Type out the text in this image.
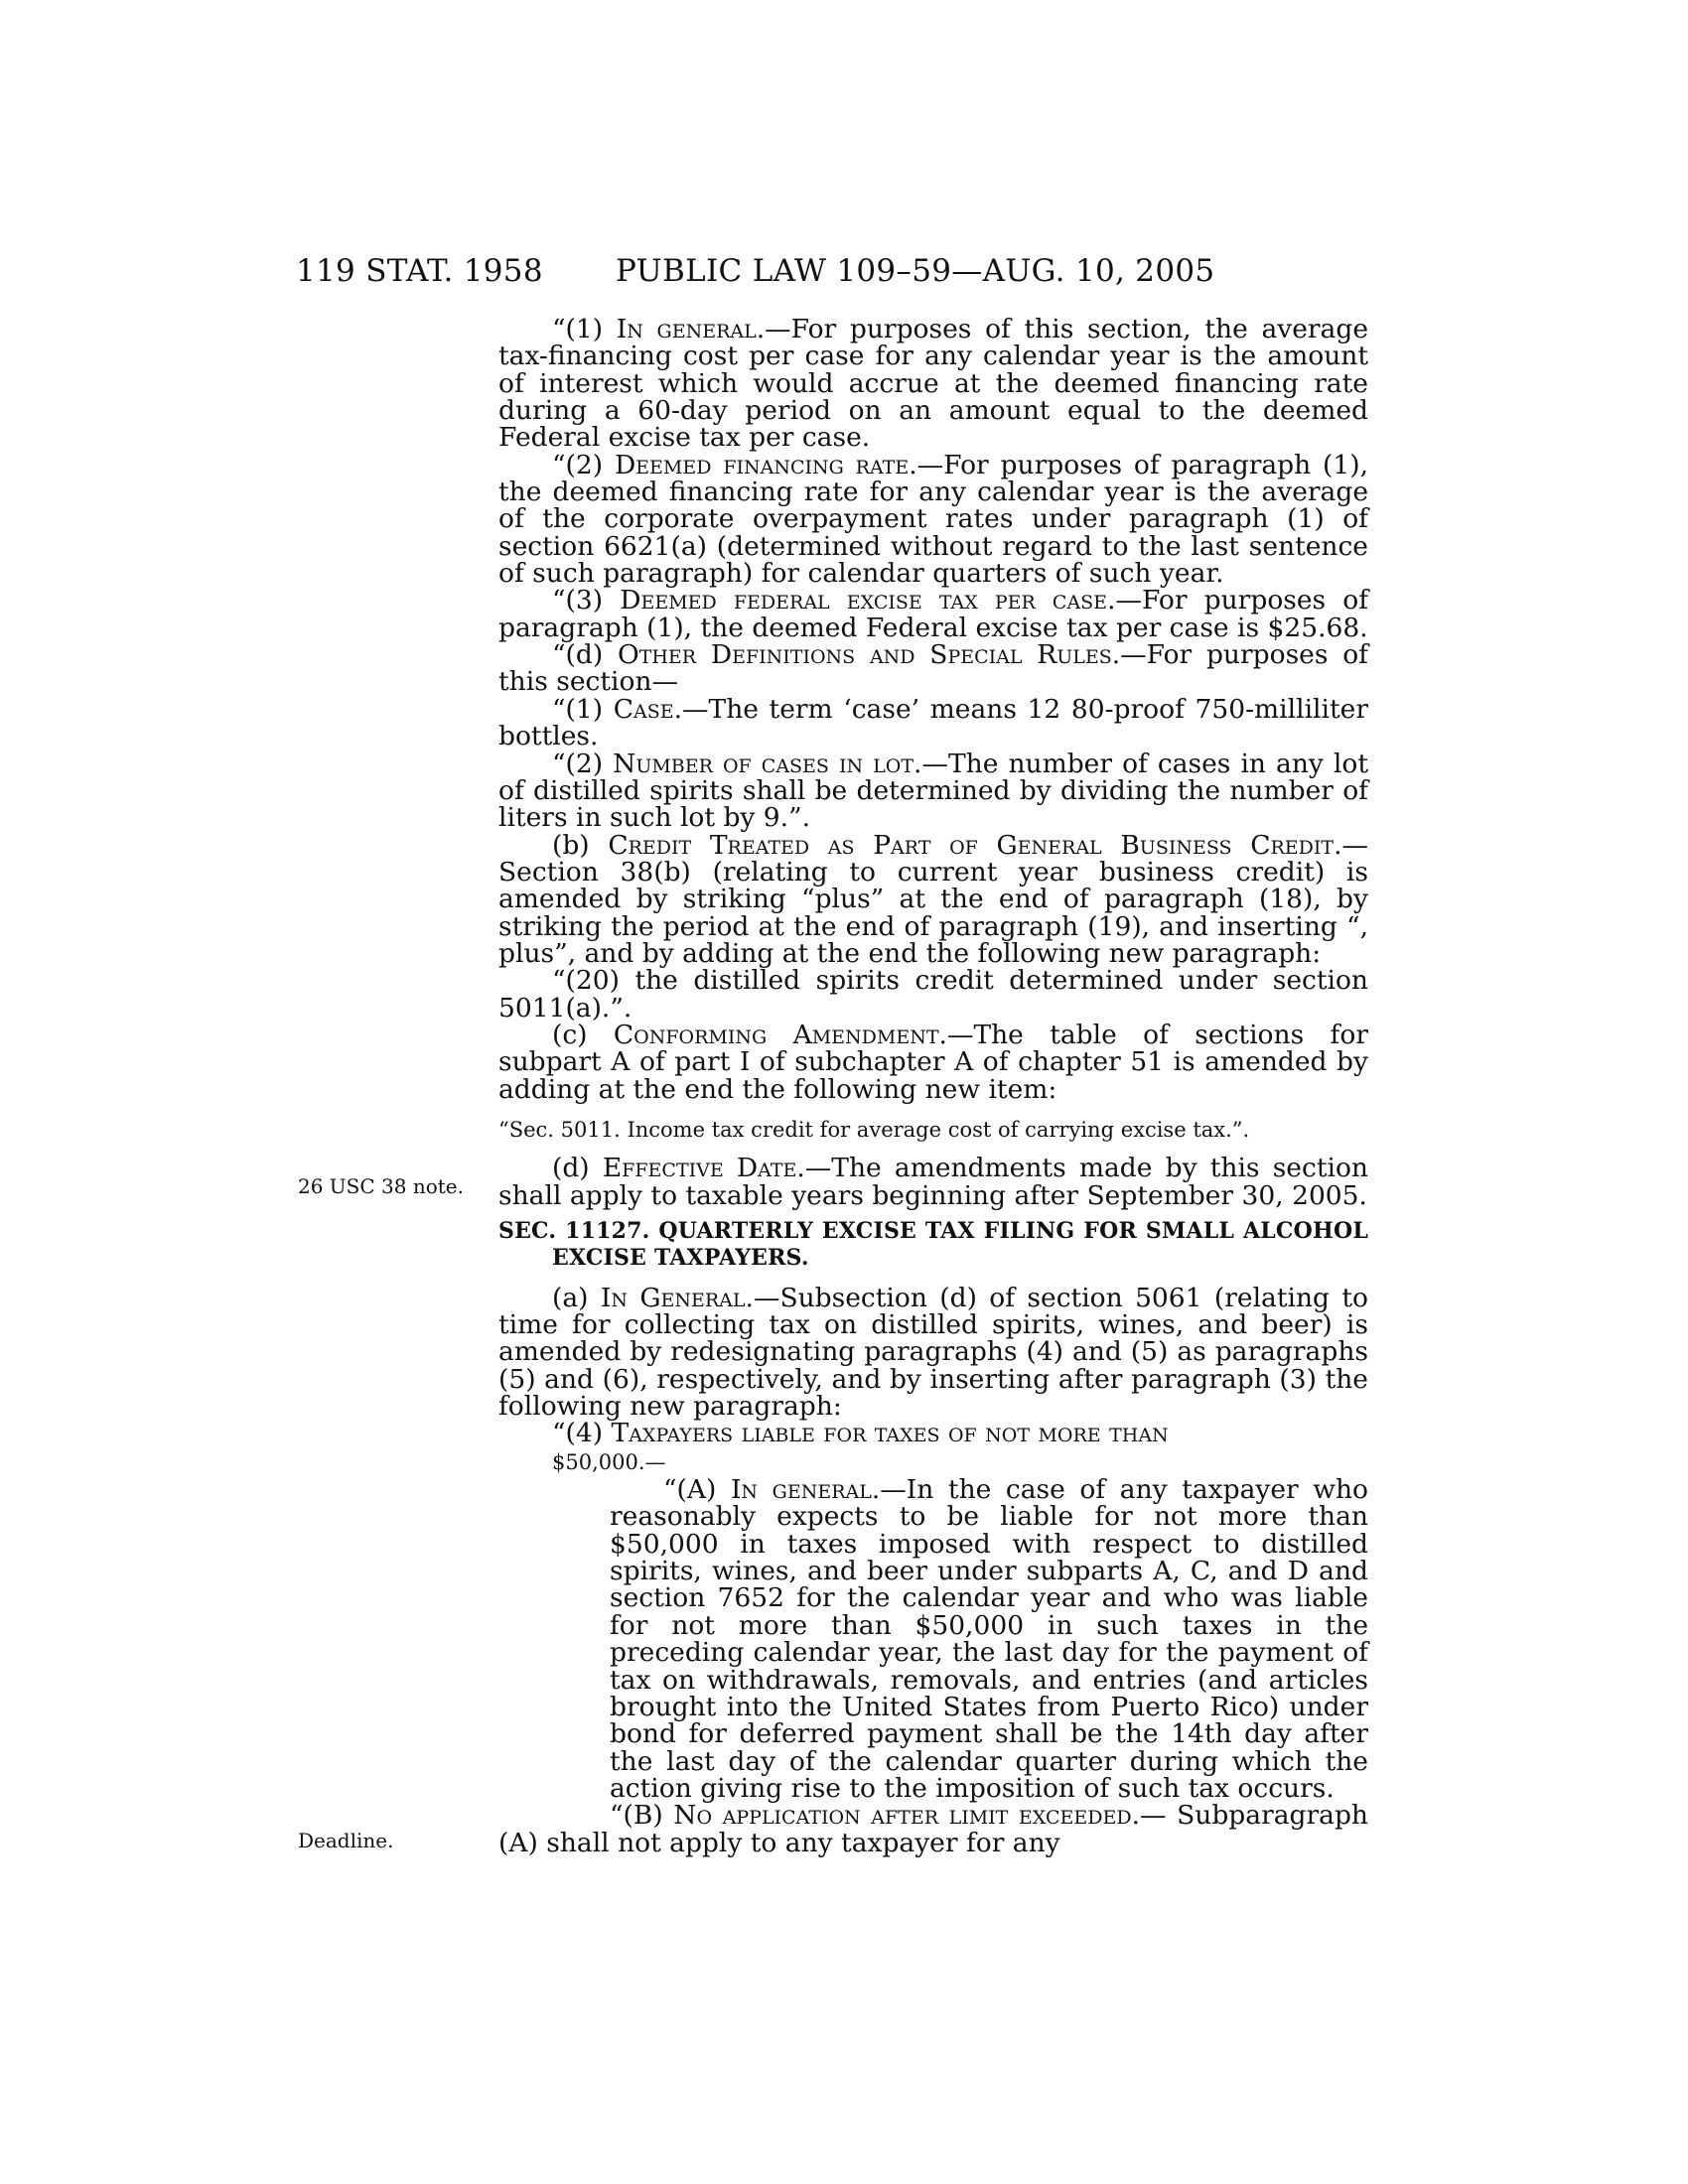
119 STAT. 1958 PUBLIC LAW 109–59—AUG. 10, 2005
26 USC 38 note.
Deadline.

“(1) In general.—For purposes of this section, the average tax-financing cost per case for any calendar year is the amount of interest which would accrue at the deemed financing rate during a 60-day period on an amount equal to the deemed Federal excise tax per case.

“(2) Deemed financing rate.—For purposes of paragraph (1), the deemed financing rate for any calendar year is the average of the corporate overpayment rates under paragraph (1) of section 6621(a) (determined without regard to the last sentence of such paragraph) for calendar quarters of such year.

“(3) Deemed federal excise tax per case.—For purposes of paragraph (1), the deemed Federal excise tax per case is $25.68.

“(d) Other Definitions and Special Rules.—For purposes of this section—

“(1) Case.—The term ‘case’ means 12 80-proof 750-milliliter bottles.

“(2) Number of cases in lot.—The number of cases in any lot of distilled spirits shall be determined by dividing the number of liters in such lot by 9.”.

(b) Credit Treated as Part of General Business Credit.— Section 38(b) (relating to current year business credit) is amended by striking “plus” at the end of paragraph (18), by striking the period at the end of paragraph (19), and inserting “, plus”, and by adding at the end the following new paragraph:

“(20) the distilled spirits credit determined under section 5011(a).”.

(c) Conforming Amendment.—The table of sections for subpart A of part I of subchapter A of chapter 51 is amended by adding at the end the following new item:

“Sec. 5011. Income tax credit for average cost of carrying excise tax.”.

(d) Effective Date.—The amendments made by this section shall apply to taxable years beginning after September 30, 2005.

SEC. 11127. QUARTERLY EXCISE TAX FILING FOR SMALL ALCOHOL EXCISE TAXPAYERS.

(a) In General.—Subsection (d) of section 5061 (relating to time for collecting tax on distilled spirits, wines, and beer) is amended by redesignating paragraphs (4) and (5) as paragraphs (5) and (6), respectively, and by inserting after paragraph (3) the following new paragraph:

“(4) Taxpayers liable for taxes of not more than
$50,000.—

“(A) In general.—In the case of any taxpayer who reasonably expects to be liable for not more than $50,000 in taxes imposed with respect to distilled spirits, wines, and beer under subparts A, C, and D and section 7652 for the calendar year and who was liable for not more than $50,000 in such taxes in the preceding calendar year, the last day for the payment of tax on withdrawals, removals, and entries (and articles brought into the United States from Puerto Rico) under bond for deferred payment shall be the 14th day after the last day of the calendar quarter during which the action giving rise to the imposition of such tax occurs.

“(B) No application after limit exceeded.— Subparagraph (A) shall not apply to any taxpayer for any
